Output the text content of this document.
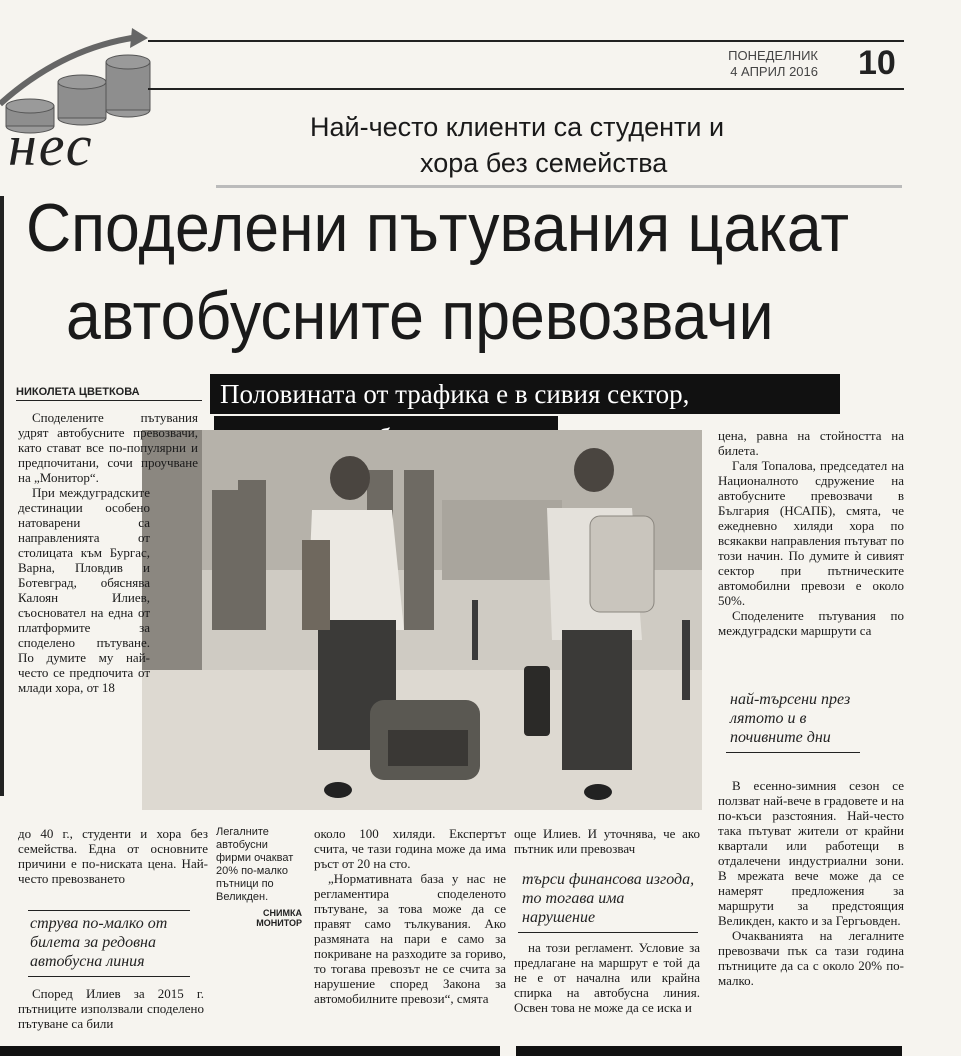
нес
ПОНЕДЕЛНИК
4 АПРИЛ 2016 10
Най-често клиенти са студенти и
хора без семейства
Споделени пътувания цакат
автобусните превозвачи
НИКОЛЕТА ЦВЕТКОВА	Половината от трафика е в сивия сектор,

Споделените пътувания удрят автобусните превозвачи, като стават все по-популярни и предпочитани, сочи проучване на „Монитор“.

При междуградските дестинации особено натоварени са направленията от столицата към Бургас, Варна, Пловдив и Ботевград, обяснява Калоян Илиев, съосновател на една от платформите за споделено пътуване. По думите му най-често се предпочита от млади хора, от 18

до 40 г., студенти и хора без семейства. Една от основните причини е по-ниската цена. Най-често превозването

струва по-малко от билета за редовна автобусна линия

Според Илиев за 2015 г. пътниците използвали споделено пътуване са били

Легалните автобусни фирми очакват 20% по-малко пътници по Великден.
СНИМКА
МОНИТОР

около 100 хиляди. Експертът счита, че тази година може да има ръст от 20 на сто.

„Нормативната база у нас не регламентира споделеното пътуване, за това може да се правят само тълкувания. Ако размяната на пари е само за покриване на разходите за гориво, то тогава превозът не се счита за нарушение според Закона за автомобилните превози“, смята

още Илиев. И уточнява, че ако пътник или превозвач

търси финансова изгода, то тогава има нарушение

на този регламент. Условие за предлагане на маршрут е той да не е от начална или крайна спирка на автобусна линия. Освен това не може да се иска и

цена, равна на стойността на билета.

Галя Топалова, председател на Националното сдружение на автобусните превозвачи в България (НСАПБ), смята, че ежедневно хиляди хора по всякакви направления пътуват по този начин. По думите ѝ сивият сектор при пътническите автомобилни превози е около 50%.

Споделените пътувания по междуградски маршрути са

най-търсени през лятото и в почивните дни

В есенно-зимния сезон се ползват най-вече в градовете и на по-къси разстояния. Най-често така пътуват жители от крайни квартали или работещи в отдалечени индустриални зони. В мрежата вече може да се намерят предложения за маршрути за предстоящия Великден, както и за Гергьовден.

Очакванията на легалните превозвачи пък са тази година пътниците да са с около 20% по-малко.
